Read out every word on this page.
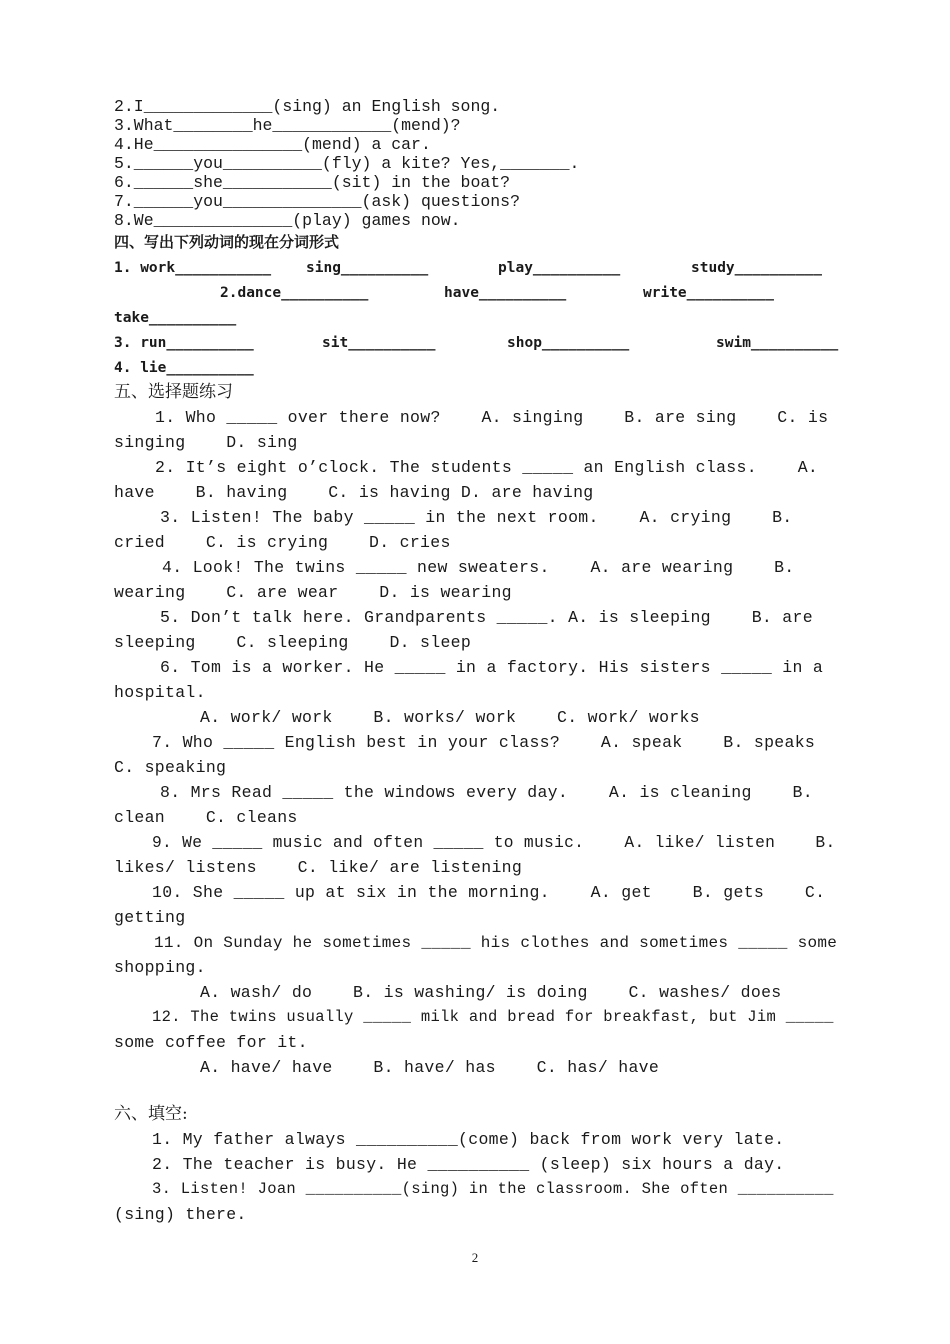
2.I_____________(sing) an English song.
3.What________he____________(mend)?
4.He_______________(mend) a car.
5.______you__________(fly) a kite? Yes,_______.
6.______she___________(sit) in the boat?
7.______you______________(ask) questions?
8.We______________(play) games now.
四、写出下列动词的现在分词形式
1. work___________ sing__________	play__________	study__________
2.dance__________	have__________	write__________
take__________
3. run__________	sit__________	shop__________	swim__________
4. lie__________
五、选择题练习
1. Who _____ over there now?    A. singing    B. are sing    C. is
singing    D. sing
2. It’s eight o’clock. The students _____ an English class.    A.
have    B. having    C. is having D. are having
3. Listen! The baby _____ in the next room.    A. crying    B.
cried    C. is crying    D. cries
4. Look! The twins _____ new sweaters.    A. are wearing    B.
wearing    C. are wear    D. is wearing
5. Don’t talk here. Grandparents _____. A. is sleeping    B. are
sleeping    C. sleeping    D. sleep
6. Tom is a worker. He _____ in a factory. His sisters _____ in a
hospital.
A. work/ work    B. works/ work    C. work/ works
7. Who _____ English best in your class?    A. speak    B. speaks
C. speaking
8. Mrs Read _____ the windows every day.    A. is cleaning    B.
clean    C. cleans
9. We _____ music and often _____ to music.    A. like/ listen    B.
likes/ listens    C. like/ are listening
10. She _____ up at six in the morning.    A. get    B. gets    C.
getting
11. On Sunday he sometimes _____ his clothes and sometimes _____ some
shopping.
A. wash/ do    B. is washing/ is doing    C. washes/ does
12. The twins usually _____ milk and bread for breakfast, but Jim _____
some coffee for it.
A. have/ have    B. have/ has    C. has/ have
六、填空:
1. My father always __________(come) back from work very late.
2. The teacher is busy. He __________ (sleep) six hours a day.
3. Listen! Joan __________(sing) in the classroom. She often __________
(sing) there.
2
